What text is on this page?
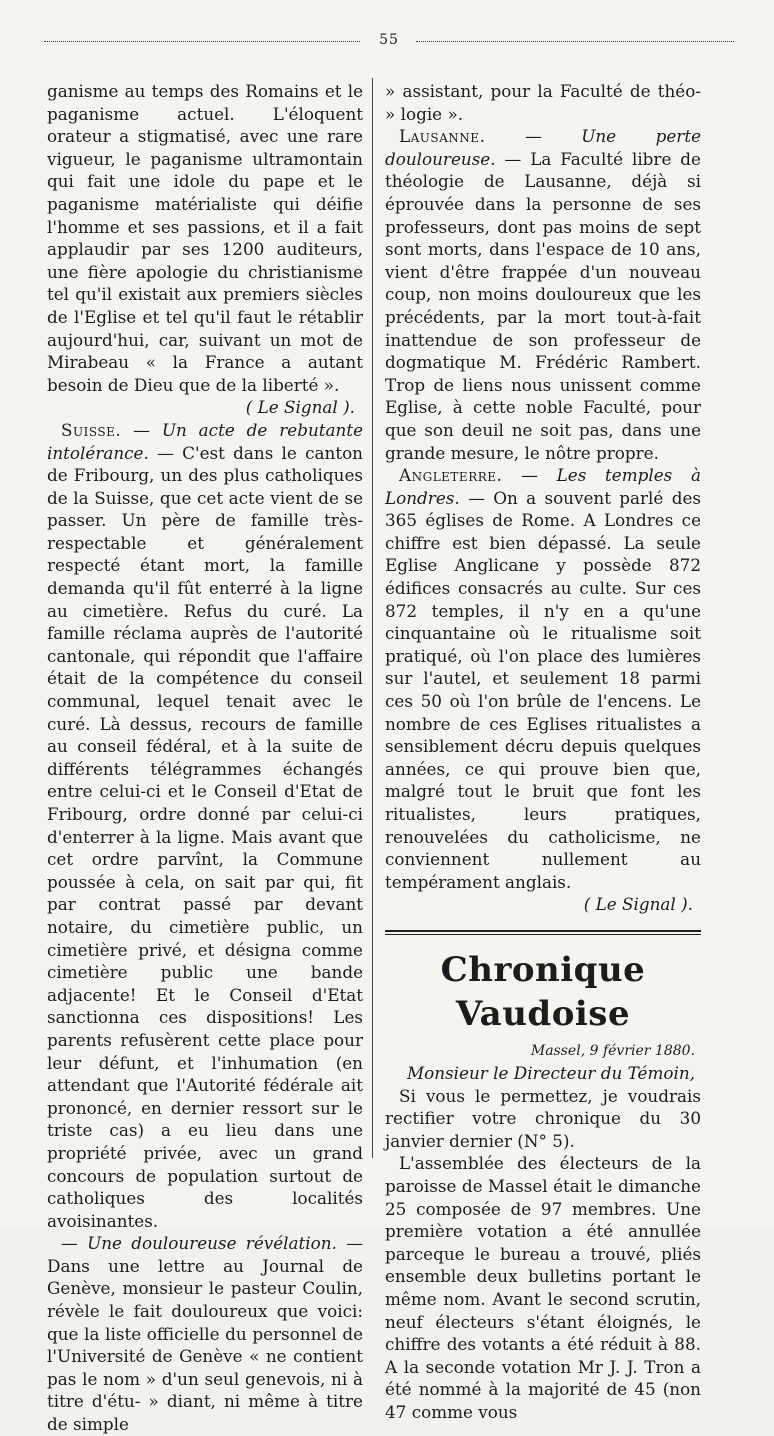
55

ganisme au temps des Romains et le paganisme actuel. L'éloquent orateur a stigmatisé, avec une rare vigueur, le paganisme ultramontain qui fait une idole du pape et le paganisme matérialiste qui déifie l'homme et ses passions, et il a fait applaudir par ses 1200 auditeurs, une fière apologie du christianisme tel qu'il existait aux premiers siècles de l'Eglise et tel qu'il faut le rétablir aujourd'hui, car, suivant un mot de Mirabeau « la France a autant besoin de Dieu que de la liberté ».

( Le Signal ).

Suisse. — Un acte de rebutante intolérance. — C'est dans le canton de Fribourg, un des plus catholiques de la Suisse, que cet acte vient de se passer. Un père de famille très-respectable et généralement respecté étant mort, la famille demanda qu'il fût enterré à la ligne au cimetière. Refus du curé. La famille réclama auprès de l'autorité cantonale, qui répondit que l'affaire était de la compétence du conseil communal, lequel tenait avec le curé. Là dessus, recours de famille au conseil fédéral, et à la suite de différents télégrammes échangés entre celui-ci et le Conseil d'Etat de Fribourg, ordre donné par celui-ci d'enterrer à la ligne. Mais avant que cet ordre parvînt, la Commune poussée à cela, on sait par qui, fit par contrat passé par devant notaire, du cimetière public, un cimetière privé, et désigna comme cimetière public une bande adjacente! Et le Conseil d'Etat sanctionna ces dispositions! Les parents refusèrent cette place pour leur défunt, et l'inhumation (en attendant que l'Autorité fédérale ait prononcé, en dernier ressort sur le triste cas) a eu lieu dans une propriété privée, avec un grand concours de population surtout de catholiques des localités avoisinantes.

— Une douloureuse révélation. — Dans une lettre au Journal de Genève, monsieur le pasteur Coulin, révèle le fait douloureux que voici: que la liste officielle du personnel de l'Université de Genève « ne contient pas le nom » d'un seul genevois, ni à titre d'étu- » diant, ni même à titre de simple

» assistant, pour la Faculté de théo- » logie ».

Lausanne. — Une perte douloureuse. — La Faculté libre de théologie de Lausanne, déjà si éprouvée dans la personne de ses professeurs, dont pas moins de sept sont morts, dans l'espace de 10 ans, vient d'être frappée d'un nouveau coup, non moins douloureux que les précédents, par la mort tout-à-fait inattendue de son professeur de dogmatique M. Frédéric Rambert. Trop de liens nous unissent comme Eglise, à cette noble Faculté, pour que son deuil ne soit pas, dans une grande mesure, le nôtre propre.

Angleterre. — Les temples à Londres. — On a souvent parlé des 365 églises de Rome. A Londres ce chiffre est bien dépassé. La seule Eglise Anglicane y possède 872 édifices consacrés au culte. Sur ces 872 temples, il n'y en a qu'une cinquantaine où le ritualisme soit pratiqué, où l'on place des lumières sur l'autel, et seulement 18 parmi ces 50 où l'on brûle de l'encens. Le nombre de ces Eglises ritualistes a sensiblement décru depuis quelques années, ce qui prouve bien que, malgré tout le bruit que font les ritualistes, leurs pratiques, renouvelées du catholicisme, ne conviennent nullement au tempérament anglais.

( Le Signal ).

Chronique Vaudoise
Massel, 9 février 1880.
Monsieur le Directeur du Témoin,

Si vous le permettez, je voudrais rectifier votre chronique du 30 janvier dernier (N° 5).

L'assemblée des électeurs de la paroisse de Massel était le dimanche 25 composée de 97 membres. Une première votation a été annullée parceque le bureau a trouvé, pliés ensemble deux bulletins portant le même nom. Avant le second scrutin, neuf électeurs s'étant éloignés, le chiffre des votants a été réduit à 88. A la seconde votation Mr J. J. Tron a été nommé à la majorité de 45 (non 47 comme vous
